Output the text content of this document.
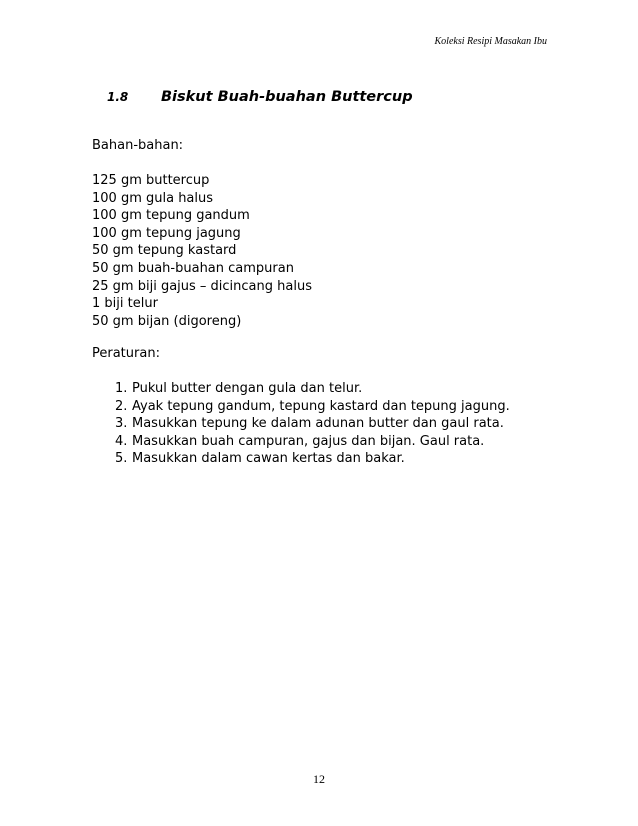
Koleksi Resipi Masakan Ibu
1.8 Biskut Buah-buahan Buttercup
Bahan-bahan:
125 gm buttercup
100 gm gula halus
100 gm tepung gandum
100 gm tepung jagung
50 gm tepung kastard
50 gm buah-buahan campuran
25 gm biji gajus – dicincang halus
1 biji telur
50 gm bijan (digoreng)
Peraturan:
1. Pukul butter dengan gula dan telur.
2. Ayak tepung gandum, tepung kastard dan tepung jagung.
3. Masukkan tepung ke dalam adunan butter dan gaul rata.
4. Masukkan buah campuran, gajus dan bijan. Gaul rata.
5. Masukkan dalam cawan kertas dan bakar.
12
